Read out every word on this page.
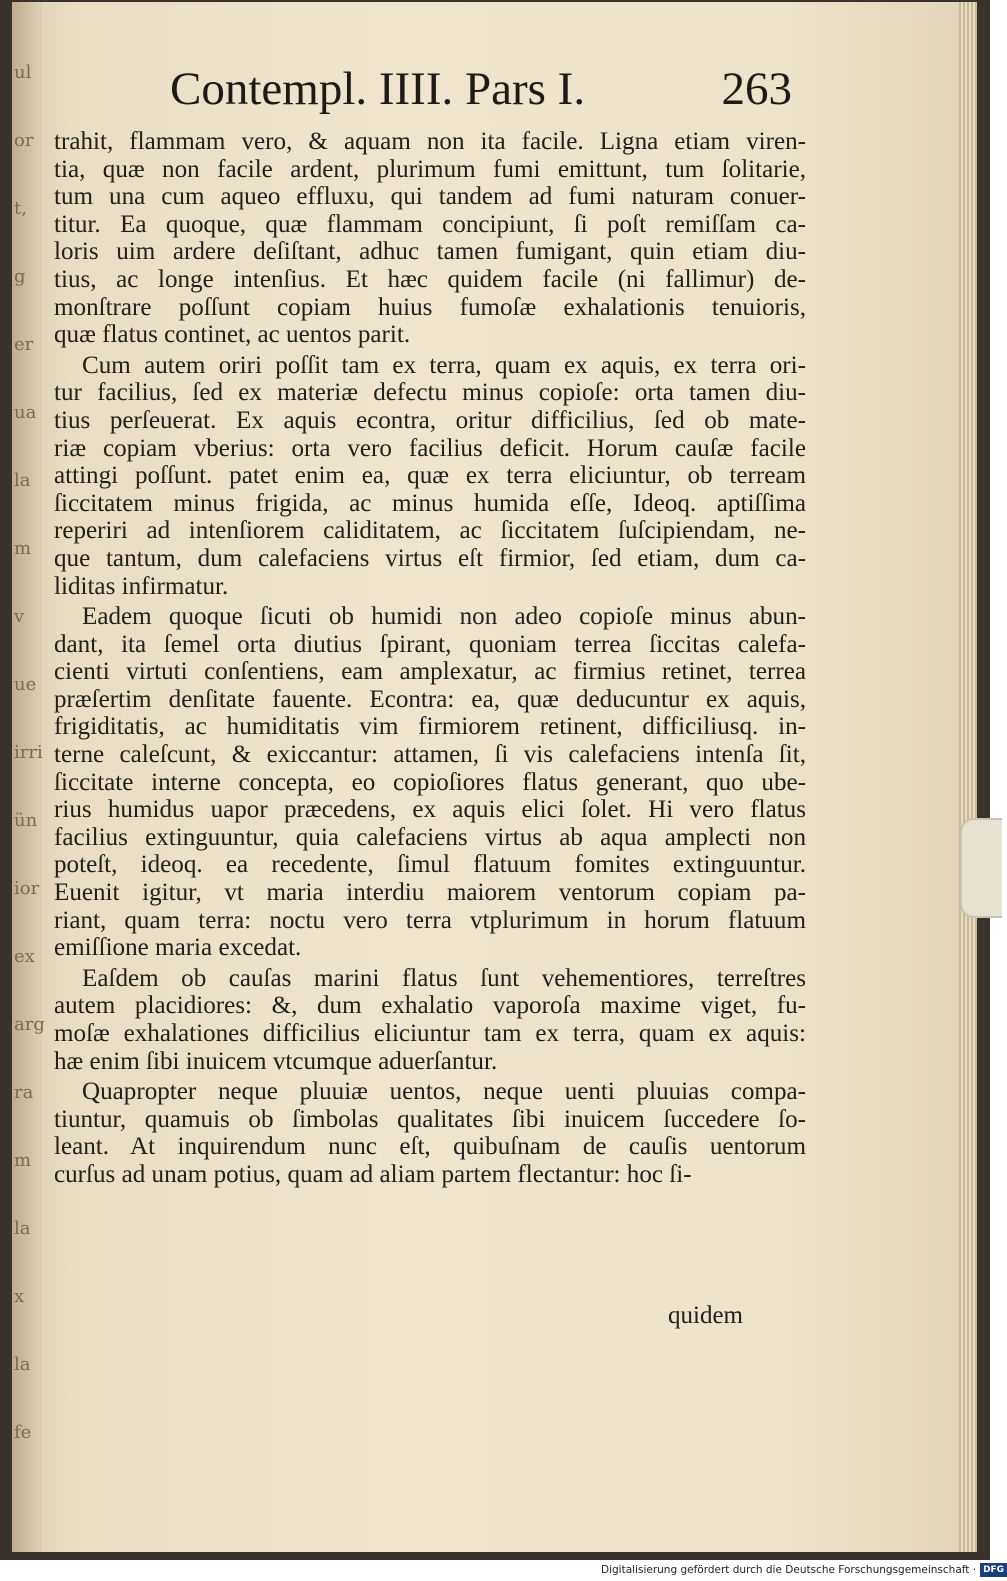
ul
or
t,
g
er
ua
la
m
v
ue
irri
ün
ior
ex
arg
ra
m
la
x
la
fe
Contempl. IIII. Pars I.	263
trahit, flammam vero, & aquam non ita facile. Ligna etiam viren-
tia, quæ non facile ardent, plurimum fumi emittunt, tum ſolitarie,
tum una cum aqueo effluxu, qui tandem ad fumi naturam conuer-
titur. Ea quoque, quæ flammam concipiunt, ſi poſt remiſſam ca-
loris uim ardere deſiſtant, adhuc tamen fumigant, quin etiam diu-
tius, ac longe intenſius. Et hæc quidem facile (ni fallimur) de-
monſtrare poſſunt copiam huius fumoſæ exhalationis tenuioris,
quæ flatus continet, ac uentos parit.
Cum autem oriri poſſit tam ex terra, quam ex aquis, ex terra ori-
tur facilius, ſed ex materiæ defectu minus copioſe: orta tamen diu-
tius perſeuerat. Ex aquis econtra, oritur difficilius, ſed ob mate-
riæ copiam vberius: orta vero facilius deficit. Horum cauſæ facile
attingi poſſunt. patet enim ea, quæ ex terra eliciuntur, ob terream
ſiccitatem minus frigida, ac minus humida eſſe, Ideoq. aptiſſima
reperiri ad intenſiorem caliditatem, ac ſiccitatem ſuſcipiendam, ne-
que tantum, dum calefaciens virtus eſt firmior, ſed etiam, dum ca-
liditas infirmatur.
Eadem quoque ſicuti ob humidi non adeo copioſe minus abun-
dant, ita ſemel orta diutius ſpirant, quoniam terrea ſiccitas calefa-
cienti virtuti conſentiens, eam amplexatur, ac firmius retinet, terrea
præſertim denſitate fauente. Econtra: ea, quæ deducuntur ex aquis,
frigiditatis, ac humiditatis vim firmiorem retinent, difficiliusq. in-
terne caleſcunt, & exiccantur: attamen, ſi vis calefaciens intenſa ſit,
ſiccitate interne concepta, eo copioſiores flatus generant, quo ube-
rius humidus uapor præcedens, ex aquis elici ſolet. Hi vero flatus
facilius extinguuntur, quia calefaciens virtus ab aqua amplecti non
poteſt, ideoq. ea recedente, ſimul flatuum fomites extinguuntur.
Euenit igitur, vt maria interdiu maiorem ventorum copiam pa-
riant, quam terra: noctu vero terra vtplurimum in horum flatuum
emiſſione maria excedat.
Eaſdem ob cauſas marini flatus ſunt vehementiores, terreſtres
autem placidiores: &, dum exhalatio vaporoſa maxime viget, fu-
moſæ exhalationes difficilius eliciuntur tam ex terra, quam ex aquis:
hæ enim ſibi inuicem vtcumque aduerſantur.
Quapropter neque pluuiæ uentos, neque uenti pluuias compa-
tiuntur, quamuis ob ſimbolas qualitates ſibi inuicem ſuccedere ſo-
leant. At inquirendum nunc eſt, quibuſnam de cauſis uentorum
curſus ad unam potius, quam ad aliam partem flectantur: hoc ſi-
quidem
Digitalisierung gefördert durch die Deutsche Forschungsgemeinschaft · DFG
